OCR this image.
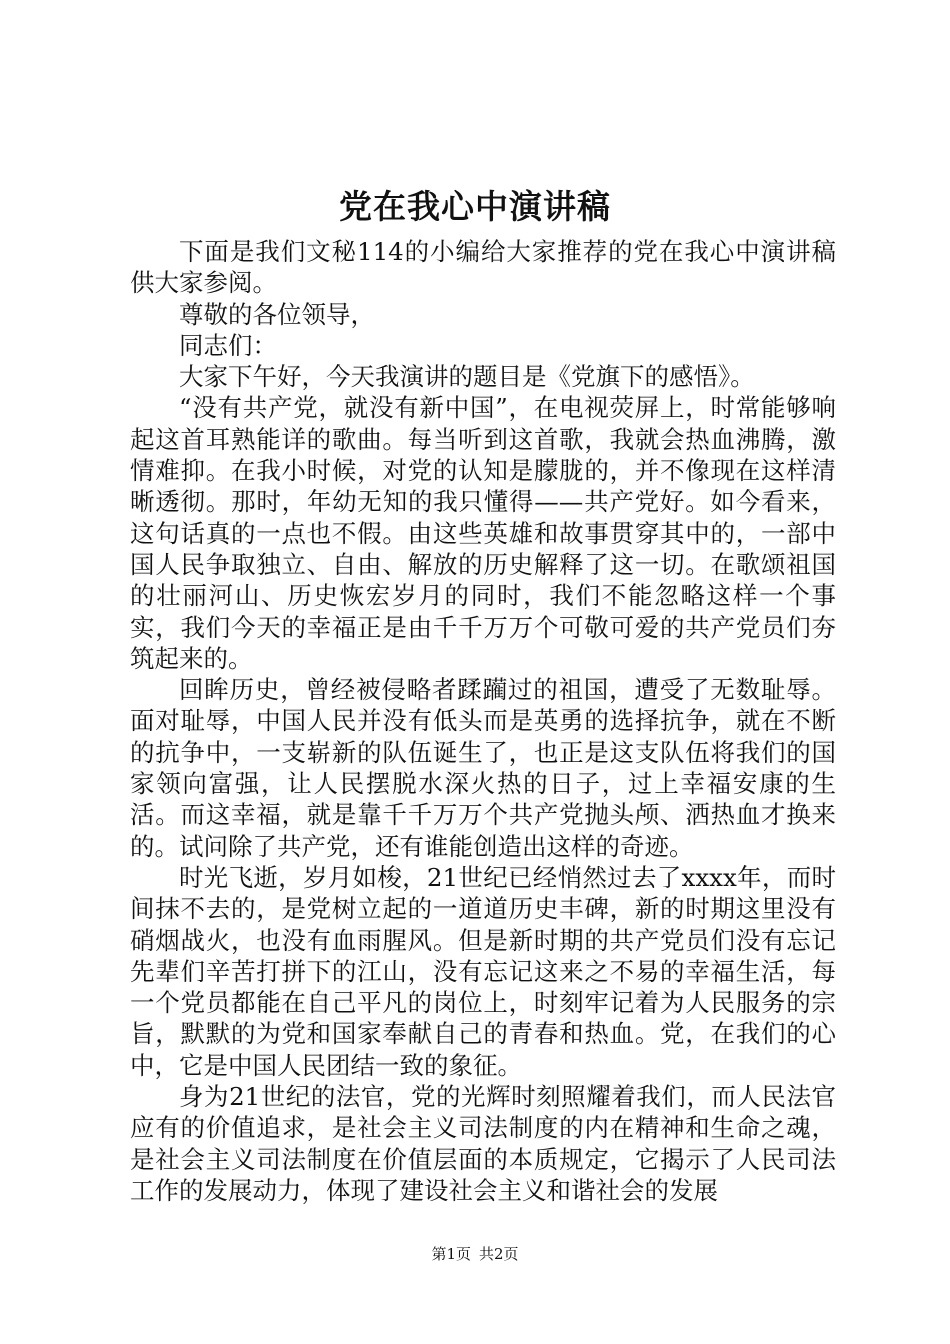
党在我心中演讲稿

下面是我们文秘114的小编给大家推荐的党在我心中演讲稿供大家参阅。

尊敬的各位领导，

同志们：

大家下午好，今天我演讲的题目是《党旗下的感悟》。

“没有共产党，就没有新中国”，在电视荧屏上，时常能够响起这首耳熟能详的歌曲。每当听到这首歌，我就会热血沸腾，激情难抑。在我小时候，对党的认知是朦胧的，并不像现在这样清晰透彻。那时，年幼无知的我只懂得——共产党好。如今看来，这句话真的一点也不假。由这些英雄和故事贯穿其中的，一部中国人民争取独立、自由、解放的历史解释了这一切。在歌颂祖国的壮丽河山、历史恢宏岁月的同时，我们不能忽略这样一个事实，我们今天的幸福正是由千千万万个可敬可爱的共产党员们夯筑起来的。

回眸历史，曾经被侵略者蹂躏过的祖国，遭受了无数耻辱。面对耻辱，中国人民并没有低头而是英勇的选择抗争，就在不断的抗争中，一支崭新的队伍诞生了，也正是这支队伍将我们的国家领向富强，让人民摆脱水深火热的日子，过上幸福安康的生活。而这幸福，就是靠千千万万个共产党抛头颅、洒热血才换来的。试问除了共产党，还有谁能创造出这样的奇迹。

时光飞逝，岁月如梭，21世纪已经悄然过去了xxxx年，而时间抹不去的，是党树立起的一道道历史丰碑，新的时期这里没有硝烟战火，也没有血雨腥风。但是新时期的共产党员们没有忘记先辈们辛苦打拼下的江山，没有忘记这来之不易的幸福生活，每一个党员都能在自己平凡的岗位上，时刻牢记着为人民服务的宗旨，默默的为党和国家奉献自己的青春和热血。党，在我们的心中，它是中国人民团结一致的象征。

身为21世纪的法官，党的光辉时刻照耀着我们，而人民法官应有的价值追求，是社会主义司法制度的内在精神和生命之魂，是社会主义司法制度在价值层面的本质规定，它揭示了人民司法工作的发展动力，体现了建设社会主义和谐社会的发展

第1页 共2页
